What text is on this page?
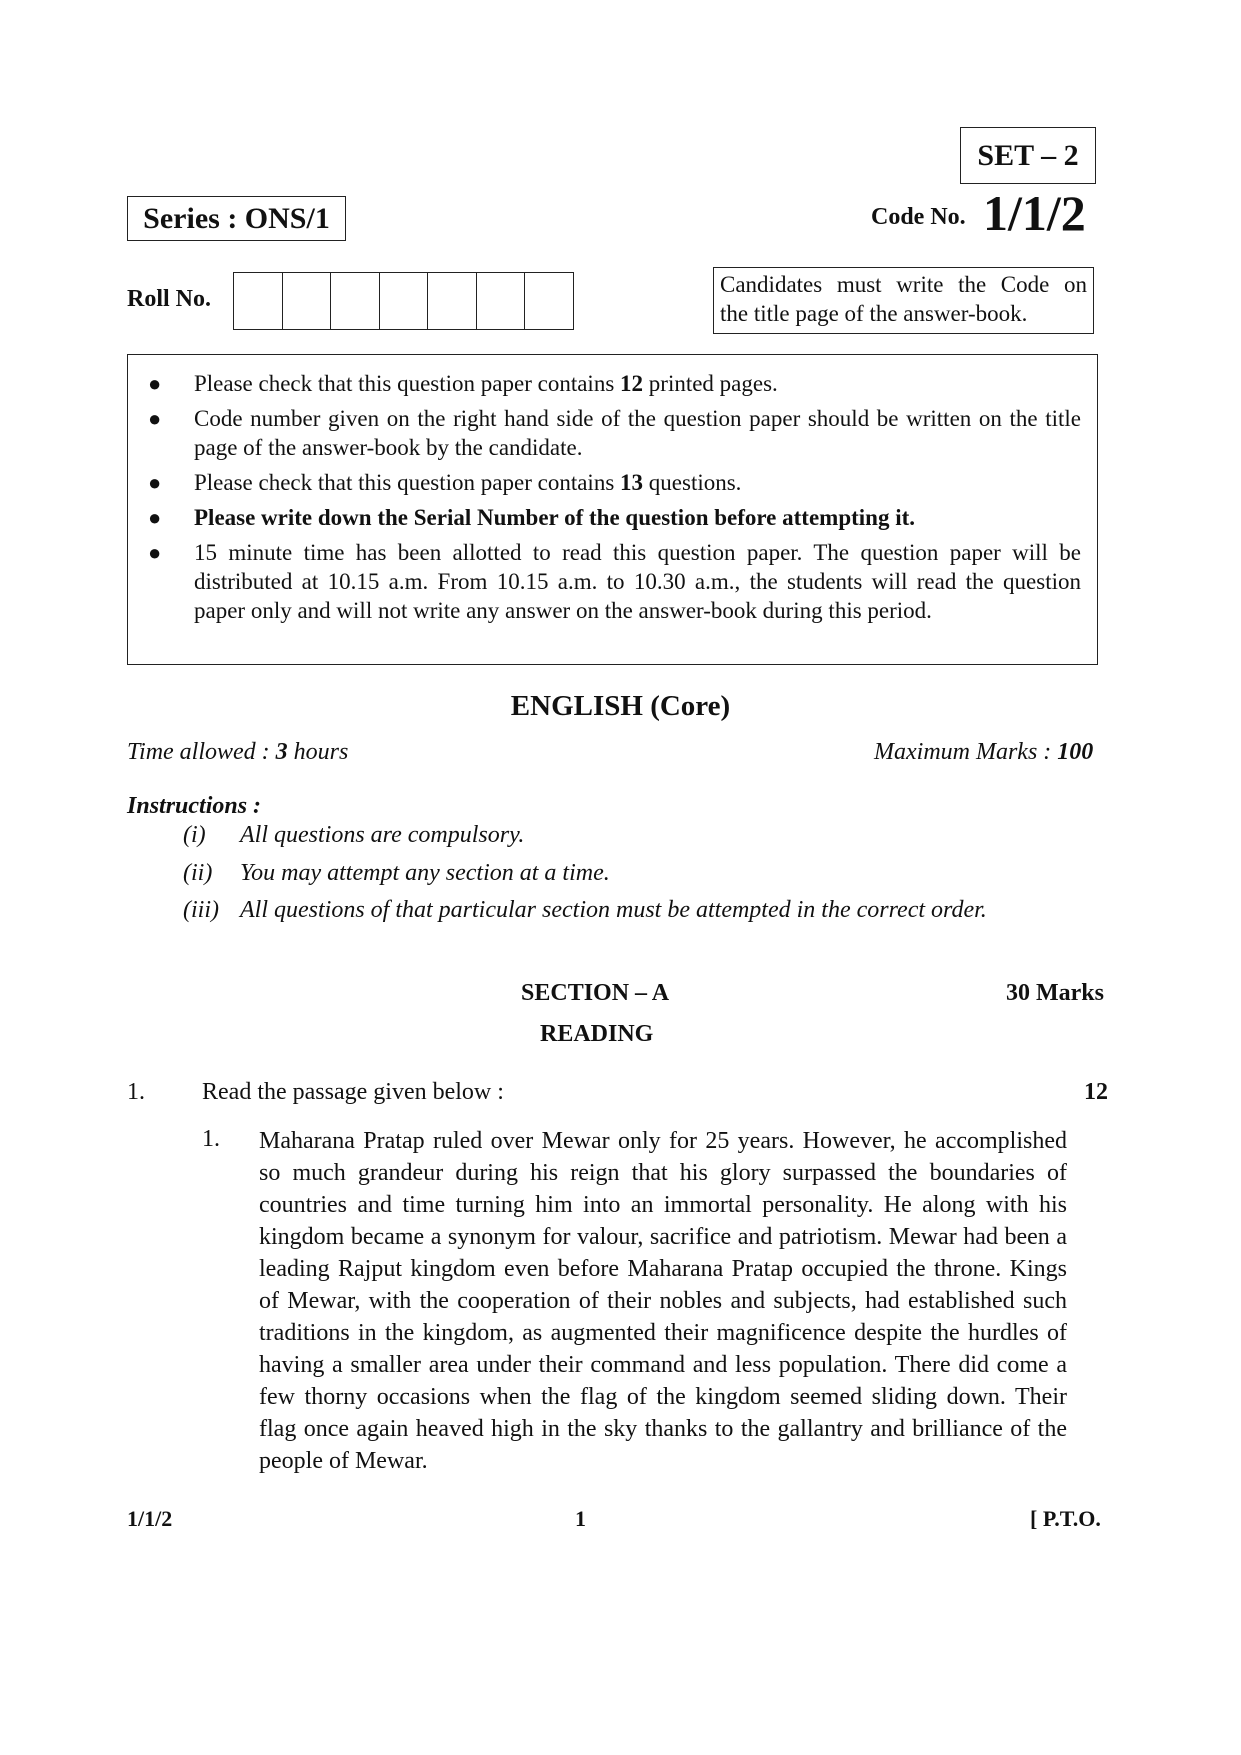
SET – 2
Series : ONS/1	Code No. 1/1/2
Roll No.
Candidates must write the Code on
the title page of the answer-book.
●	Please check that this question paper contains 12 printed pages.
●	Code number given on the right hand side of the question paper should be written on the title page of the answer-book by the candidate.
●	Please check that this question paper contains 13 questions.
●	Please write down the Serial Number of the question before attempting it.
●	15 minute time has been allotted to read this question paper. The question paper will be distributed at 10.15 a.m. From 10.15 a.m. to 10.30 a.m., the students will read the question paper only and will not write any answer on the answer-book during this period.
ENGLISH (Core)
Time allowed : 3 hours	Maximum Marks : 100
Instructions :
(i)	All questions are compulsory.
(ii)	You may attempt any section at a time.
(iii) All questions of that particular section must be attempted in the correct order.
SECTION – A	30 Marks
READING
1. Read the passage given below :	12
1. Maharana Pratap ruled over Mewar only for 25 years. However, he accomplished so much grandeur during his reign that his glory surpassed the boundaries of countries and time turning him into an immortal personality. He along with his kingdom became a synonym for valour, sacrifice and patriotism. Mewar had been a leading Rajput kingdom even before Maharana Pratap occupied the throne. Kings of Mewar, with the cooperation of their nobles and subjects, had established such traditions in the kingdom, as augmented their magnificence despite the hurdles of having a smaller area under their command and less population. There did come a few thorny occasions when the flag of the kingdom seemed sliding down. Their flag once again heaved high in the sky thanks to the gallantry and brilliance of the people of Mewar.
1/1/2	1	[ P.T.O.
